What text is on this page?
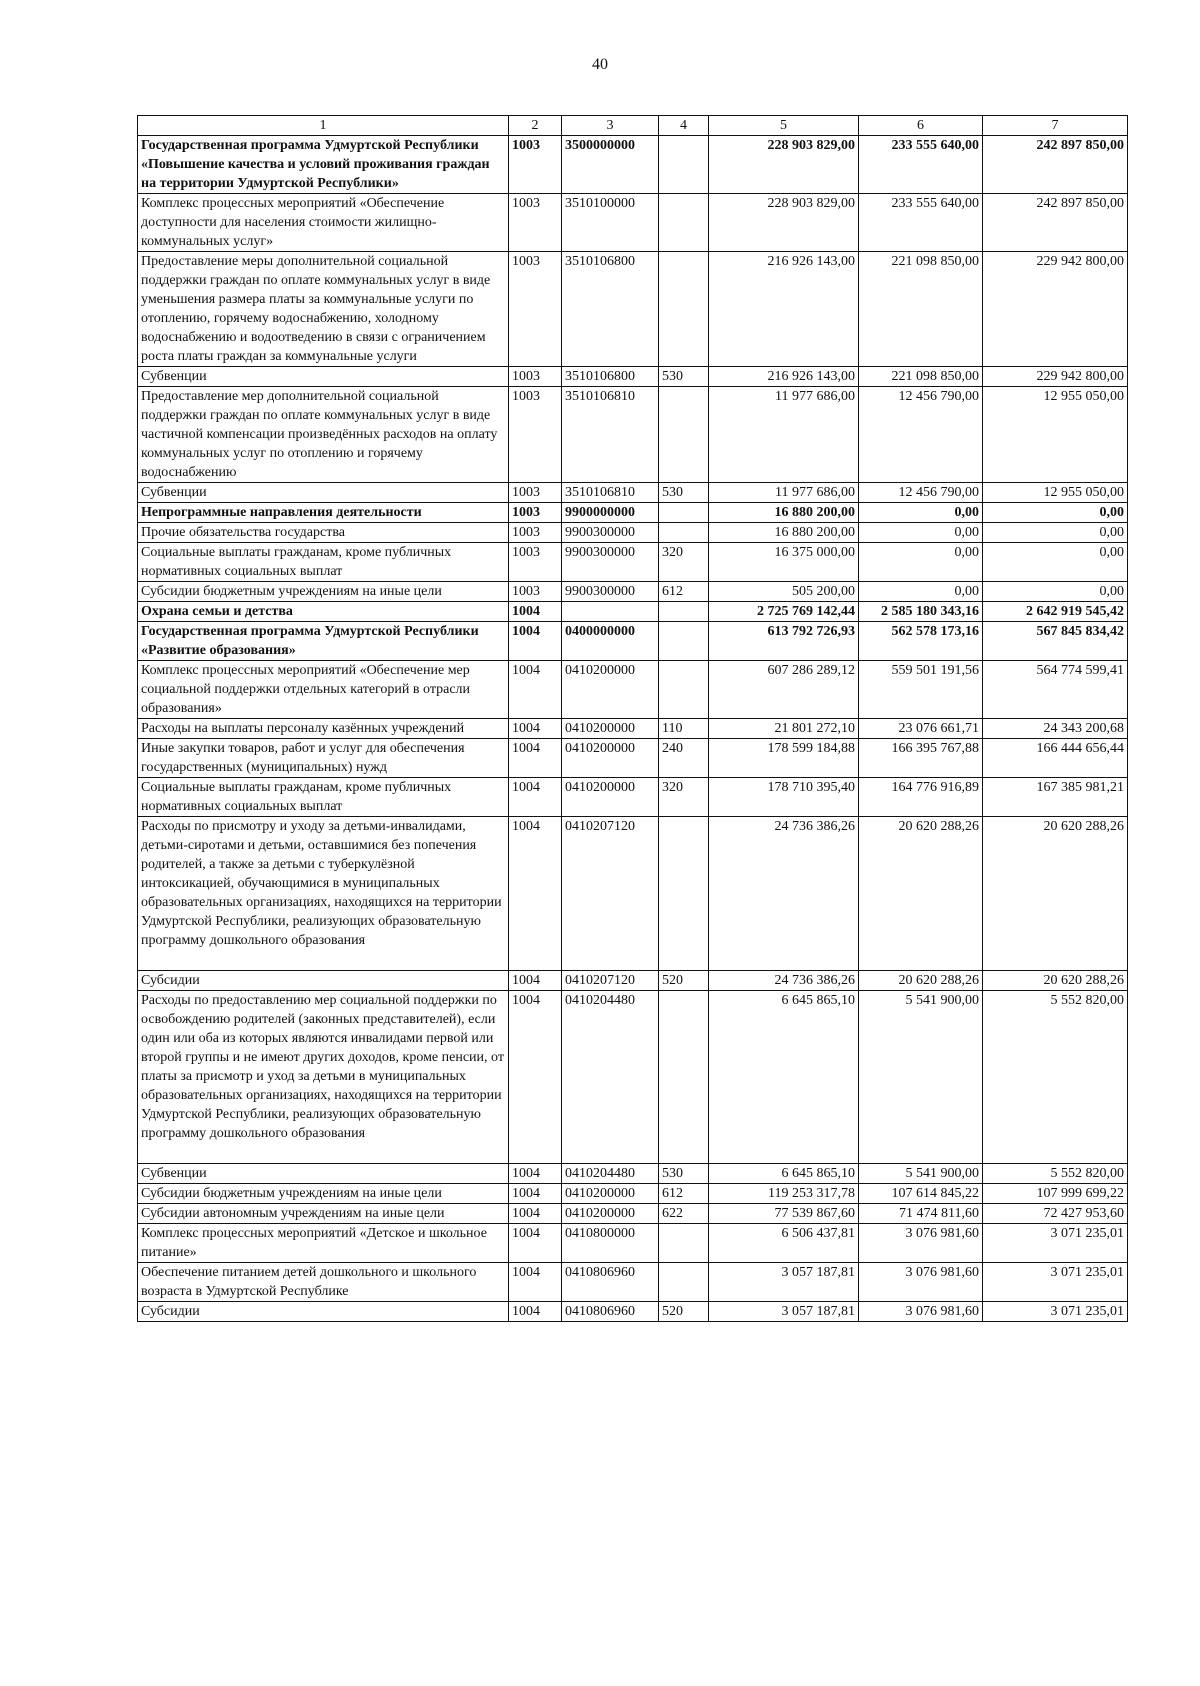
40
1	2	3	4	5	6	7
Государственная программа Удмуртской Республики «Повышение качества и условий проживания граждан на территории Удмуртской Республики»	1003	3500000000		228 903 829,00	233 555 640,00	242 897 850,00
Комплекс процессных мероприятий «Обеспечение доступности для населения стоимости жилищно-коммунальных услуг»	1003	3510100000		228 903 829,00	233 555 640,00	242 897 850,00
Предоставление меры дополнительной социальной поддержки граждан по оплате коммунальных услуг в виде уменьшения размера платы за коммунальные услуги по отоплению, горячему водоснабжению, холодному водоснабжению и водоотведению в связи с ограничением роста платы граждан за коммунальные услуги	1003	3510106800		216 926 143,00	221 098 850,00	229 942 800,00
Субвенции	1003	3510106800	530	216 926 143,00	221 098 850,00	229 942 800,00
Предоставление мер дополнительной социальной поддержки граждан по оплате коммунальных услуг в виде частичной компенсации произведённых расходов на оплату коммунальных услуг по отоплению и горячему водоснабжению	1003	3510106810		11 977 686,00	12 456 790,00	12 955 050,00
Субвенции	1003	3510106810	530	11 977 686,00	12 456 790,00	12 955 050,00
Непрограммные направления деятельности	1003	9900000000		16 880 200,00	0,00	0,00
Прочие обязательства государства	1003	9900300000		16 880 200,00	0,00	0,00
Социальные выплаты гражданам, кроме публичных нормативных социальных выплат	1003	9900300000	320	16 375 000,00	0,00	0,00
Субсидии бюджетным учреждениям на иные цели	1003	9900300000	612	505 200,00	0,00	0,00
Охрана семьи и детства	1004			2 725 769 142,44	2 585 180 343,16	2 642 919 545,42
Государственная программа Удмуртской Республики «Развитие образования»	1004	0400000000		613 792 726,93	562 578 173,16	567 845 834,42
Комплекс процессных мероприятий «Обеспечение мер социальной поддержки отдельных категорий в отрасли образования»	1004	0410200000		607 286 289,12	559 501 191,56	564 774 599,41
Расходы на выплаты персоналу казённых учреждений	1004	0410200000	110	21 801 272,10	23 076 661,71	24 343 200,68
Иные закупки товаров, работ и услуг для обеспечения государственных (муниципальных) нужд	1004	0410200000	240	178 599 184,88	166 395 767,88	166 444 656,44
Социальные выплаты гражданам, кроме публичных нормативных социальных выплат	1004	0410200000	320	178 710 395,40	164 776 916,89	167 385 981,21
Расходы по присмотру и уходу за детьми-инвалидами, детьми-сиротами и детьми, оставшимися без попечения родителей, а также за детьми с туберкулёзной интоксикацией, обучающимися в муниципальных образовательных организациях, находящихся на территории Удмуртской Республики, реализующих образовательную программу дошкольного образования	1004	0410207120		24 736 386,26	20 620 288,26	20 620 288,26
Субсидии	1004	0410207120	520	24 736 386,26	20 620 288,26	20 620 288,26
Расходы по предоставлению мер социальной поддержки по освобождению родителей (законных представителей), если один или оба из которых являются инвалидами первой или второй группы и не имеют других доходов, кроме пенсии, от платы за присмотр и уход за детьми в муниципальных образовательных организациях, находящихся на территории Удмуртской Республики, реализующих образовательную программу дошкольного образования	1004	0410204480		6 645 865,10	5 541 900,00	5 552 820,00
Субвенции	1004	0410204480	530	6 645 865,10	5 541 900,00	5 552 820,00
Субсидии бюджетным учреждениям на иные цели	1004	0410200000	612	119 253 317,78	107 614 845,22	107 999 699,22
Субсидии автономным учреждениям на иные цели	1004	0410200000	622	77 539 867,60	71 474 811,60	72 427 953,60
Комплекс процессных мероприятий «Детское и школьное питание»	1004	0410800000		6 506 437,81	3 076 981,60	3 071 235,01
Обеспечение питанием детей дошкольного и школьного возраста в Удмуртской Республике	1004	0410806960		3 057 187,81	3 076 981,60	3 071 235,01
Субсидии	1004	0410806960	520	3 057 187,81	3 076 981,60	3 071 235,01
